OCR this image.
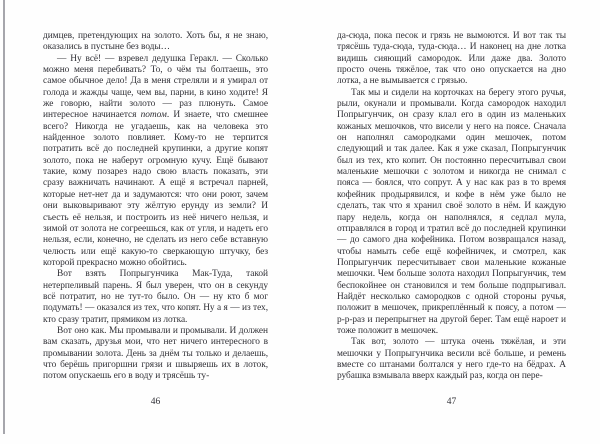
димцев, претендующих на золото. Хоть бы, я не знаю, оказались в пустыне без воды…

— Ну всё! — взревел дедушка Геракл. — Сколько можно меня перебивать? То, о чём ты болтаешь, это самое обычное дело! Да в меня стреляли и я умирал от голода и жажды чаще, чем вы, парни, в кино ходите! Я же говорю, найти золото — раз плюнуть. Самое интересное начинается потом. И знаете, что смешнее всего? Никогда не угадаешь, как на человека это найденное золото повлияет. Кому-то не терпится потратить всё до последней крупинки, а другие копят золото, пока не наберут огромную кучу. Ещё бывают такие, кому позарез надо свою власть показать, эти сразу важничать начинают. А ещё я встречал парней, которые нет-нет да и задумаются: что они роют, зачем они выковыривают эту жёлтую ерунду из земли? И съесть её нельзя, и построить из неё ничего нельзя, и зимой от золота не согреешься, как от угля, и надеть его нельзя, если, конечно, не сделать из него себе вставную челюсть или ещё какую-то сверкающую штучку, без которой прекрасно можно обойтись.

Вот взять Попрыгунчика Мак-Туда, такой нетерпеливый парень. Я был уверен, что он в секунду всё потратит, но не тут-то было. Он — ну кто б мог подумать! — оказался из тех, что копят. Ну а я — из тех, кто сразу тратит, прямиком из лотка.

Вот оно как. Мы промывали и промывали. И должен вам сказать, друзья мои, что нет ничего интересного в промывании золота. День за днём ты только и делаешь, что берёшь пригоршни грязи и швыряешь их в лоток, потом опускаешь его в воду и трясёшь ту-

46

да-сюда, пока песок и грязь не вымоются. И вот так ты трясёшь туда-сюда, туда-сюда… И наконец на дне лотка видишь сияющий самородок. Или даже два. Золото просто очень тяжёлое, так что оно опускается на дно лотка, а не вымывается с грязью.

Так мы и сидели на корточках на берегу этого ручья, рыли, окунали и промывали. Когда самородок находил Попрыгунчик, он сразу клал его в один из маленьких кожаных мешочков, что висели у него на поясе. Сначала он наполнял самородками один мешочек, потом следующий и так далее. Как я уже сказал, Попрыгунчик был из тех, кто копит. Он постоянно пересчитывал свои маленькие мешочки с золотом и никогда не снимал с пояса — боялся, что сопрут. А у нас как раз в то время кофейник продырявился, и кофе в нём уже было не сделать, так что я хранил своё золото в нём. И каждую пару недель, когда он наполнялся, я седлал мула, отправлялся в город и тратил всё до последней крупинки — до самого дна кофейника. Потом возвращался назад, чтобы намыть себе ещё кофейничек, и смотрел, как Попрыгунчик пересчитывает свои маленькие кожаные мешочки. Чем больше золота находил Попрыгунчик, тем беспокойнее он становился и тем больше подпрыгивал. Найдёт несколько самородков с одной стороны ручья, положит в мешочек, прикреплённый к поясу, а потом — р-р-раз и перепрыгнет на другой берег. Там ещё нароет и тоже положит в мешочек.

Так вот, золото — штука очень тяжёлая, и эти мешочки у Попрыгунчика весили всё больше, и ремень вместе со штанами болтался у него где-то на бёдрах. А рубашка взмывала вверх каждый раз, когда он пере-

47
